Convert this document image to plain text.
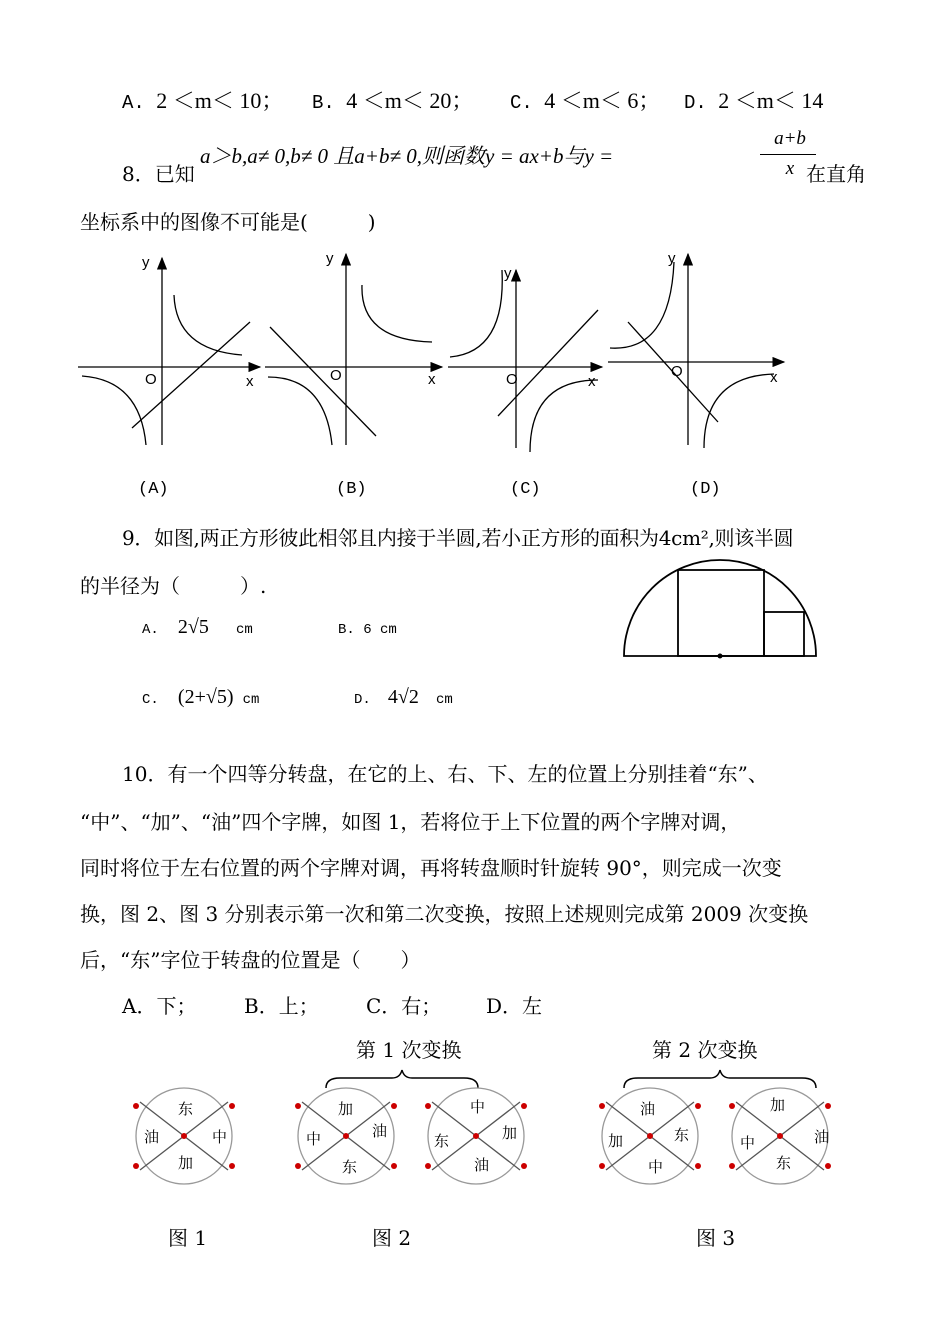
A. 2 ＜m＜ 10； B. 4 ＜m＜ 20； C. 4 ＜m＜ 6； D. 2 ＜m＜ 14
8．已知
a＞b,a≠ 0,b≠ 0 且a+b≠ 0,则函数y = ax+b与y =
a+b
x 在直角
坐标系中的图像不可能是(　　　)
y
x
O
y
x
O
y
x
O
y
x
O
(A)	(B)	(C)	(D)
9．如图,两正方形彼此相邻且内接于半圆,若小正方形的面积为4cm²,则该半圆
的半径为（　　　）.
A. 2√5 cm	B. 6 cm
C. (2+√5) cm	D. 4√2 cm
10．有一个四等分转盘，在它的上、右、下、左的位置上分别挂着“东”、
“中”、“加”、“油”四个字牌，如图 1，若将位于上下位置的两个字牌对调，
同时将位于左右位置的两个字牌对调，再将转盘顺时针旋转 90°，则完成一次变
换，图 2、图 3 分别表示第一次和第二次变换，按照上述规则完成第 2009 次变换
后，“东”字位于转盘的位置是（　　）
A．下； B．上； C．右； D．左
第 1 次变换	第 2 次变换
东
中
加
油
加
油
东
中
中
加
油
东
油
东
中
加
加
油
东
中
图 1	图 2	图 3
